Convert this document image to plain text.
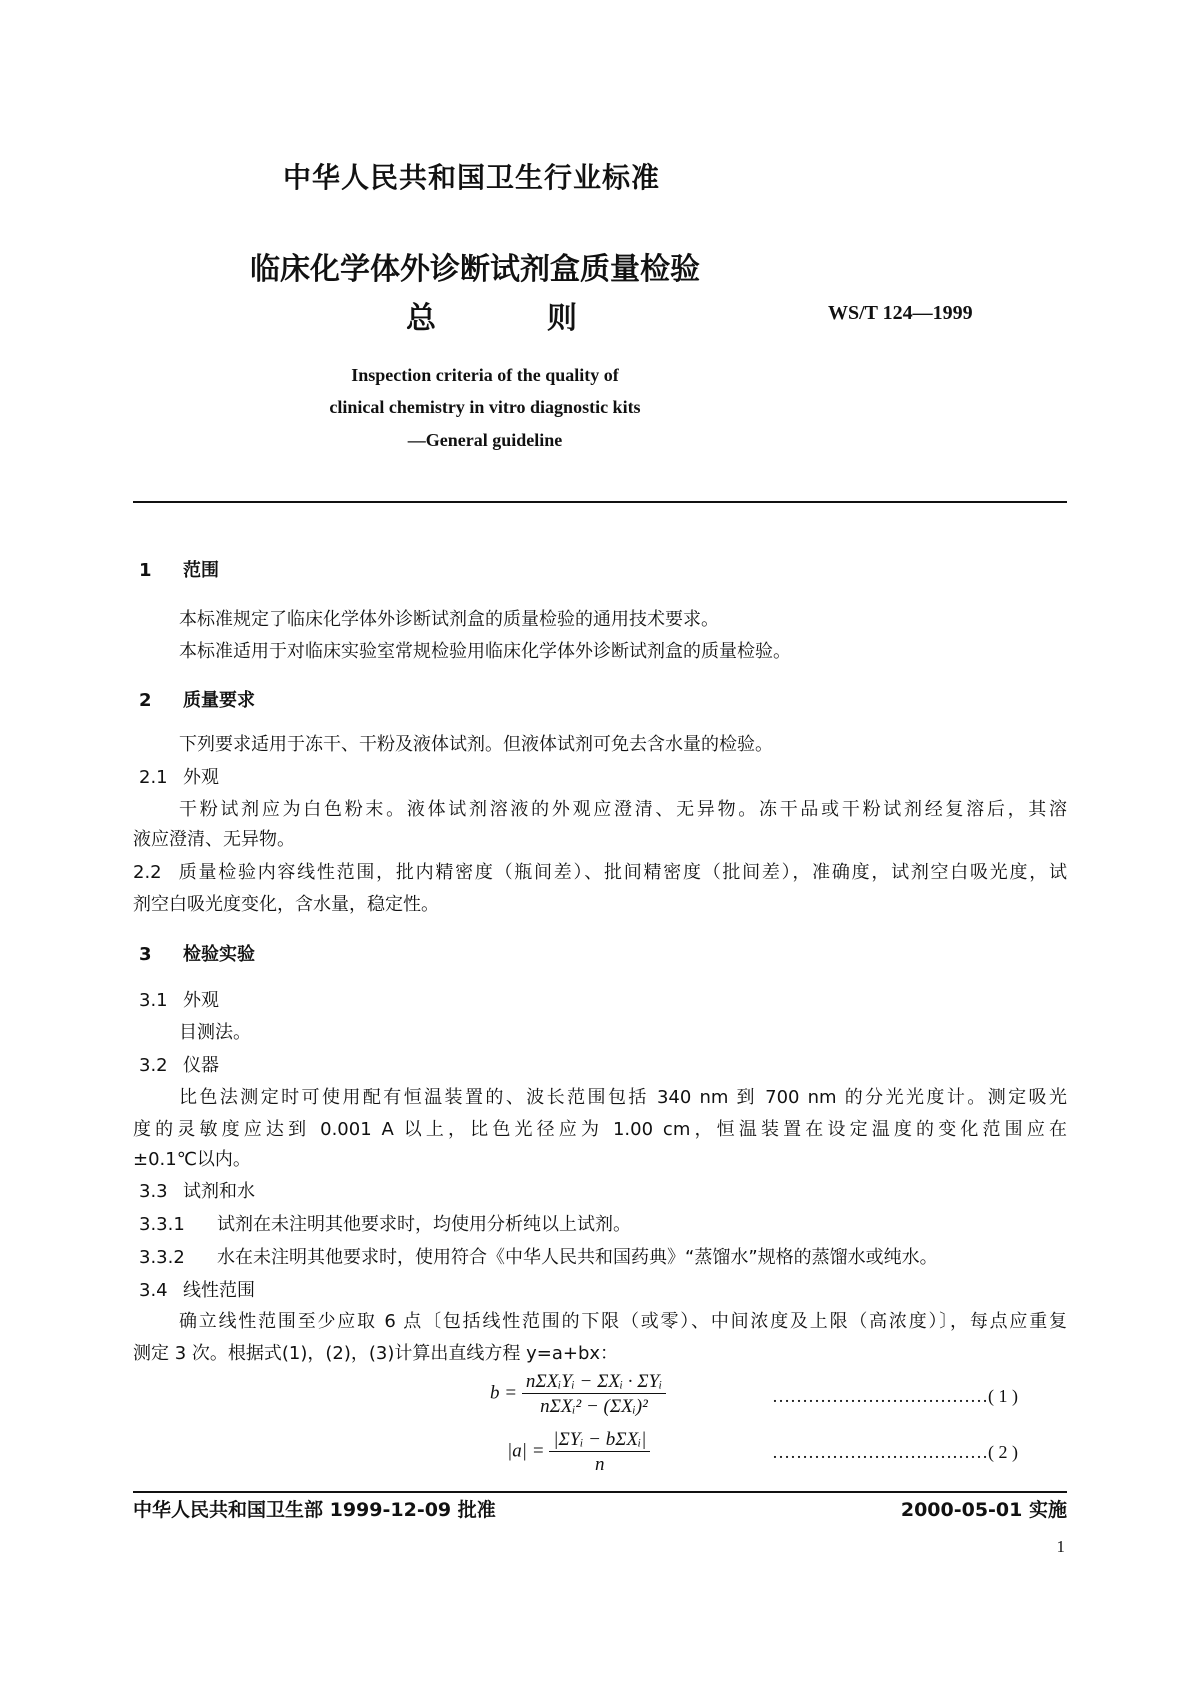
中华人民共和国卫生行业标准
临床化学体外诊断试剂盒质量检验
总	则	WS/T 124—1999
Inspection criteria of the quality of
clinical chemistry in vitro diagnostic kits
—General guideline
1 范围
本标准规定了临床化学体外诊断试剂盒的质量检验的通用技术要求。
本标准适用于对临床实验室常规检验用临床化学体外诊断试剂盒的质量检验。
2 质量要求
下列要求适用于冻干、干粉及液体试剂。但液体试剂可免去含水量的检验。
2.1 外观
干粉试剂应为白色粉末。液体试剂溶液的外观应澄清、无异物。冻干品或干粉试剂经复溶后，其溶
液应澄清、无异物。
2.2 质量检验内容线性范围，批内精密度（瓶间差）、批间精密度（批间差），准确度，试剂空白吸光度，试
剂空白吸光度变化，含水量，稳定性。
3 检验实验
3.1 外观
目测法。
3.2 仪器
比色法测定时可使用配有恒温装置的、波长范围包括 340 nm 到 700 nm 的分光光度计。测定吸光
度的灵敏度应达到 0.001 A 以上，比色光径应为 1.00 cm，恒温装置在设定温度的变化范围应在
±0.1℃以内。
3.3 试剂和水
3.3.1 试剂在未注明其他要求时，均使用分析纯以上试剂。
3.3.2 水在未注明其他要求时，使用符合《中华人民共和国药典》“蒸馏水”规格的蒸馏水或纯水。
3.4 线性范围
确立线性范围至少应取 6 点〔包括线性范围的下限（或零）、中间浓度及上限（高浓度）〕，每点应重复
测定 3 次。根据式(1)，(2)，(3)计算出直线方程 y=a+bx：
$b = \frac{\text{nΣXᵢYᵢ − ΣXᵢ · ΣYᵢ}}{\text{nΣXᵢ² − (ΣXᵢ)²}}$	………………………………( 1 )
$|a| = \frac{\text{|ΣYᵢ − bΣXᵢ|}}{n}$	………………………………( 2 )
中华人民共和国卫生部 1999-12-09 批准	2000-05-01 实施
1
